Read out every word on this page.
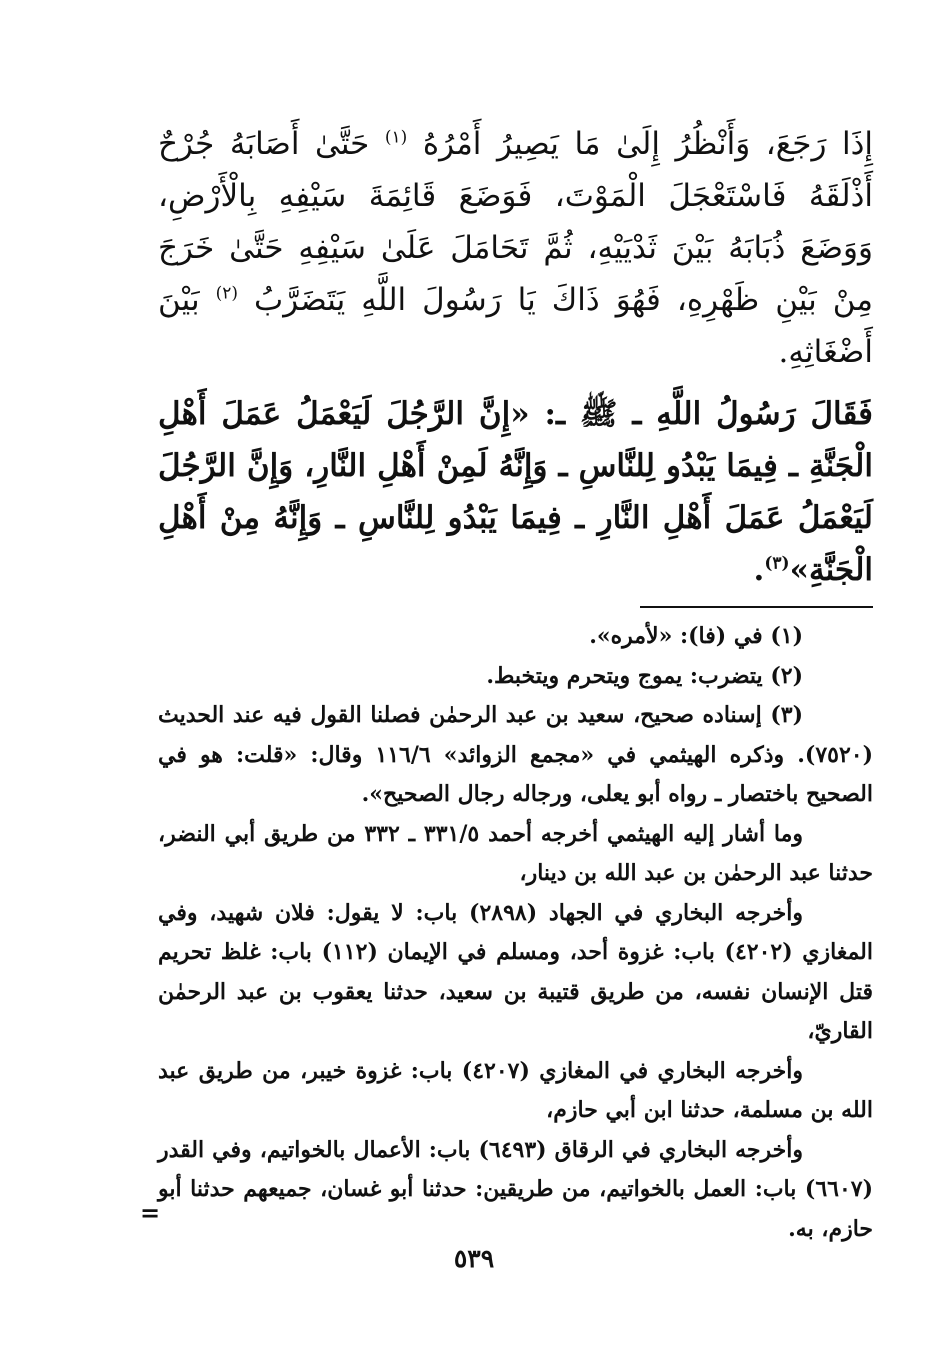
إِذَا رَجَعَ، وَأَنْظُرُ إِلَىٰ مَا يَصِيرُ أَمْرُهُ $^{(١)}$ حَتَّىٰ أَصَابَهُ جُرْحٌ أَذْلَقَهُ فَاسْتَعْجَلَ الْمَوْتَ، فَوَضَعَ قَائِمَةَ سَيْفِهِ بِالْأَرْضِ، وَوَضَعَ ذُبَابَهُ بَيْنَ ثَدْيَيْهِ، ثُمَّ تَحَامَلَ عَلَىٰ سَيْفِهِ حَتَّىٰ خَرَجَ مِنْ بَيْنِ ظَهْرِهِ، فَهُوَ ذَاكَ يَا رَسُولَ اللَّهِ يَتَضَرَّبُ $^{(٢)}$ بَيْنَ أَضْغَاثِهِ.

فَقَالَ رَسُولُ اللَّهِ ـ ﷺ ـ: «إِنَّ الرَّجُلَ لَيَعْمَلُ عَمَلَ أَهْلِ الْجَنَّةِ ـ فِيمَا يَبْدُو لِلنَّاسِ ـ وَإِنَّهُ لَمِنْ أَهْلِ النَّارِ، وَإِنَّ الرَّجُلَ لَيَعْمَلُ عَمَلَ أَهْلِ النَّارِ ـ فِيمَا يَبْدُو لِلنَّاسِ ـ وَإِنَّهُ مِنْ أَهْلِ الْجَنَّةِ»$^{(٣)}$.

(١) في (فا): «لأمره».

(٢) يتضرب: يموج ويتحرم ويتخبط.

(٣) إسناده صحيح، سعيد بن عبد الرحمٰن فصلنا القول فيه عند الحديث (٧٥٢٠). وذكره الهيثمي في «مجمع الزوائد» ١١٦/٦ وقال: «قلت: هو في الصحيح باختصار ـ رواه أبو يعلى، ورجاله رجال الصحيح».

وما أشار إليه الهيثمي أخرجه أحمد ٣٣١/٥ ـ ٣٣٢ من طريق أبي النضر، حدثنا عبد الرحمٰن بن عبد الله بن دينار،

وأخرجه البخاري في الجهاد (٢٨٩٨) باب: لا يقول: فلان شهيد، وفي المغازي (٤٢٠٢) باب: غزوة أحد، ومسلم في الإيمان (١١٢) باب: غلظ تحريم قتل الإنسان نفسه، من طريق قتيبة بن سعيد، حدثنا يعقوب بن عبد الرحمٰن القاريّ،

وأخرجه البخاري في المغازي (٤٢٠٧) باب: غزوة خيبر، من طريق عبد الله بن مسلمة، حدثنا ابن أبي حازم،

وأخرجه البخاري في الرقاق (٦٤٩٣) باب: الأعمال بالخواتيم، وفي القدر (٦٦٠٧) باب: العمل بالخواتيم، من طريقين: حدثنا أبو غسان، جميعهم حدثنا أبو حازم، به.

=
٥٣٩
